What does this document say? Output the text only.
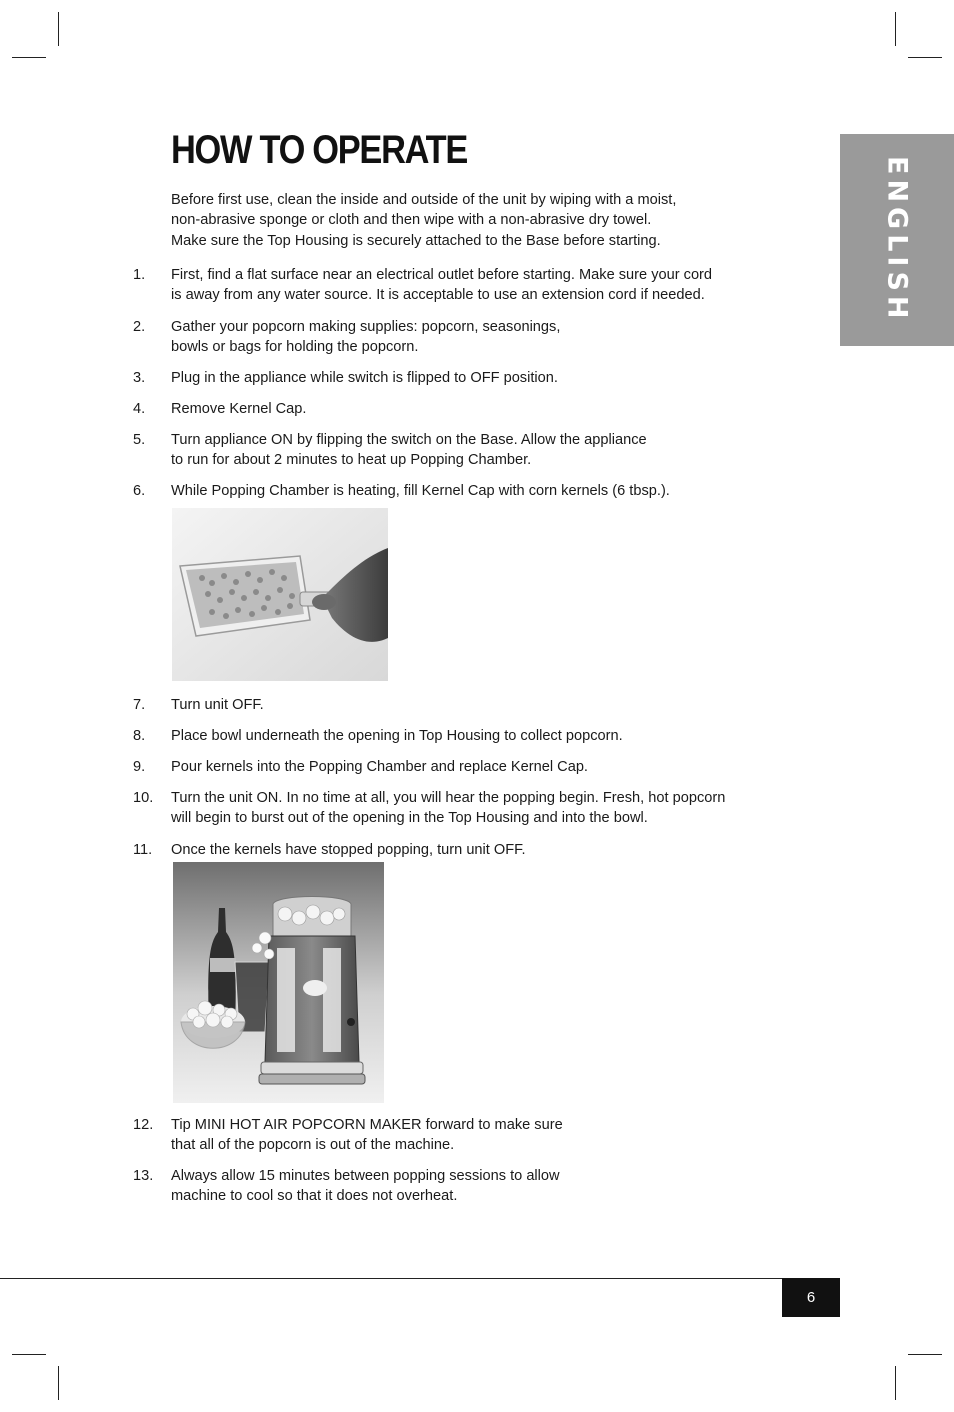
ENGLISH
HOW TO OPERATE
Before first use, clean the inside and outside of the unit by wiping with a moist,
non-abrasive sponge or cloth and then wipe with a non-abrasive dry towel.
Make sure the Top Housing is securely attached to the Base before starting.
1. First, find a flat surface near an electrical outlet before starting. Make sure your cord
is away from any water source. It is acceptable to use an extension cord if needed.
2. Gather your popcorn making supplies: popcorn, seasonings,
bowls or bags for holding the popcorn.
3. Plug in the appliance while switch is flipped to OFF position.
4. Remove Kernel Cap.
5. Turn appliance ON by flipping the switch on the Base. Allow the appliance
to run for about 2 minutes to heat up Popping Chamber.
6. While Popping Chamber is heating, fill Kernel Cap with corn kernels (6 tbsp.).
7. Turn unit OFF.
8. Place bowl underneath the opening in Top Housing to collect popcorn.
9. Pour kernels into the Popping Chamber and replace Kernel Cap.
10. Turn the unit ON. In no time at all, you will hear the popping begin. Fresh, hot popcorn
will begin to burst out of the opening in the Top Housing and into the bowl.
11. Once the kernels have stopped popping, turn unit OFF.
12. Tip MINI HOT AIR POPCORN MAKER forward to make sure
that all of the popcorn is out of the machine.
13. Always allow 15 minutes between popping sessions to allow
machine to cool so that it does not overheat.
6
